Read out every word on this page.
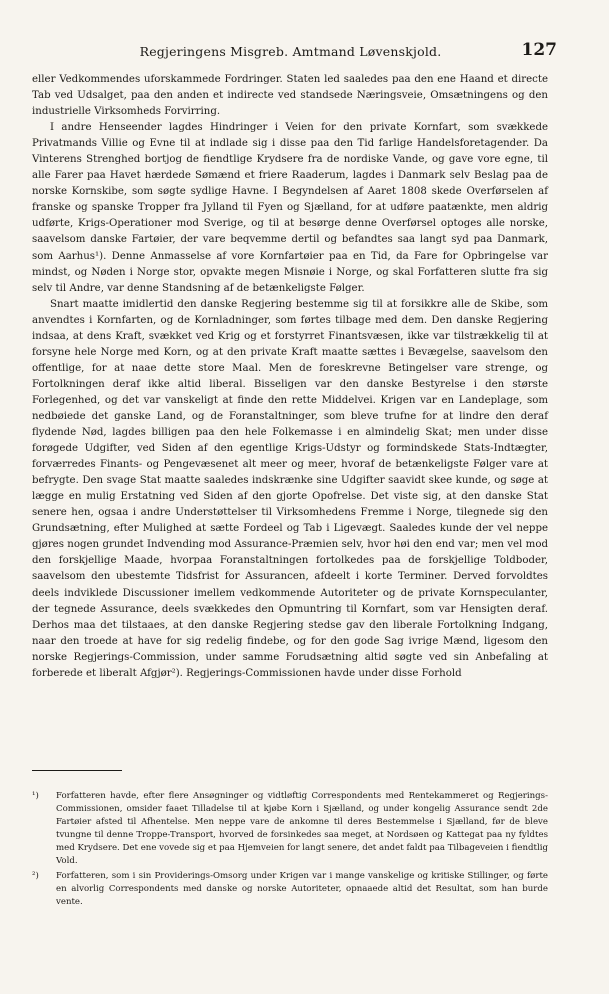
Regjeringens Misgreb. Amtmand Løvenskjold.	127

eller Vedkommendes uforskammede Fordringer. Staten led saaledes paa den ene Haand et directe Tab ved Udsalget, paa den anden et indirecte ved standsede Næringsveie, Omsætningens og den industrielle Virksomheds Forvirring.

I andre Henseender lagdes Hindringer i Veien for den private Kornfart, som svækkede Privatmands Villie og Evne til at indlade sig i disse paa den Tid farlige Handelsforetagender. Da Vinterens Strenghed bortjog de fiendtlige Krydsere fra de nordiske Vande, og gave vore egne, til alle Farer paa Havet hærdede Sømænd et friere Raaderum, lagdes i Danmark selv Beslag paa de norske Kornskibe, som søgte sydlige Havne. I Begyndelsen af Aaret 1808 skede Overførselen af franske og spanske Tropper fra Jylland til Fyen og Sjælland, for at udføre paatænkte, men aldrig udførte, Krigs-Operationer mod Sverige, og til at besørge denne Overførsel optoges alle norske, saavelsom danske Fartøier, der vare beqvemme dertil og befandtes saa langt syd paa Danmark, som Aarhus¹). Denne Anmasselse af vore Kornfartøier paa en Tid, da Fare for Opbringelse var mindst, og Nøden i Norge stor, opvakte megen Misnøie i Norge, og skal Forfatteren slutte fra sig selv til Andre, var denne Standsning af de betænkeligste Følger.

Snart maatte imidlertid den danske Regjering bestemme sig til at forsikkre alle de Skibe, som anvendtes i Kornfarten, og de Kornladninger, som førtes tilbage med dem. Den danske Regjering indsaa, at dens Kraft, svækket ved Krig og et forstyrret Finantsvæsen, ikke var tilstrækkelig til at forsyne hele Norge med Korn, og at den private Kraft maatte sættes i Bevægelse, saavelsom den offentlige, for at naae dette store Maal. Men de foreskrevne Betingelser vare strenge, og Fortolkningen deraf ikke altid liberal. Bisseligen var den danske Bestyrelse i den største Forlegenhed, og det var vanskeligt at finde den rette Middelvei. Krigen var en Landeplage, som nedbøiede det ganske Land, og de Foranstaltninger, som bleve trufne for at lindre den deraf flydende Nød, lagdes billigen paa den hele Folkemasse i en almindelig Skat; men under disse forøgede Udgifter, ved Siden af den egentlige Krigs-Udstyr og formindskede Stats-Indtægter, forværredes Finants- og Pengevæsenet alt meer og meer, hvoraf de betænkeligste Følger vare at befrygte. Den svage Stat maatte saaledes indskrænke sine Udgifter saavidt skee kunde, og søge at lægge en mulig Erstatning ved Siden af den gjorte Opofrelse. Det viste sig, at den danske Stat senere hen, ogsaa i andre Understøttelser til Virksomhedens Fremme i Norge, tilegnede sig den Grundsætning, efter Mulighed at sætte Fordeel og Tab i Ligevægt. Saaledes kunde der vel neppe gjøres nogen grundet Indvending mod Assurance-Præmien selv, hvor høi den end var; men vel mod den forskjellige Maade, hvorpaa Foranstaltningen fortolkedes paa de forskjellige Toldboder, saavelsom den ubestemte Tidsfrist for Assurancen, afdeelt i korte Terminer. Derved forvoldtes deels indviklede Discussioner imellem vedkommende Autoriteter og de private Kornspeculanter, der tegnede Assurance, deels svækkedes den Opmuntring til Kornfart, som var Hensigten deraf. Derhos maa det tilstaaes, at den danske Regjering stedse gav den liberale Fortolkning Indgang, naar den troede at have for sig redelig findebe, og for den gode Sag ivrige Mænd, ligesom den norske Regjerings-Commission, under samme Forudsætning altid søgte ved sin Anbefaling at forberede et liberalt Afgjør²). Regjerings-Commissionen havde under disse Forhold

¹) Forfatteren havde, efter flere Ansøgninger og vidtløftig Correspondents med Rentekammeret og Regjerings-Commissionen, omsider faaet Tilladelse til at kjøbe Korn i Sjælland, og under kongelig Assurance sendt 2de Fartøier afsted til Afhentelse. Men neppe vare de ankomne til deres Bestemmelse i Sjælland, før de bleve tvungne til denne Troppe-Transport, hvorved de forsinkedes saa meget, at Nordsøen og Kattegat paa ny fyldtes med Krydsere. Det ene vovede sig et paa Hjemveien for langt senere, det andet faldt paa Tilbageveien i fiendtlig Vold.
²) Forfatteren, som i sin Providerings-Omsorg under Krigen var i mange vanskelige og kritiske Stillinger, og førte en alvorlig Correspondents med danske og norske Autoriteter, opnaaede altid det Resultat, som han burde vente.
